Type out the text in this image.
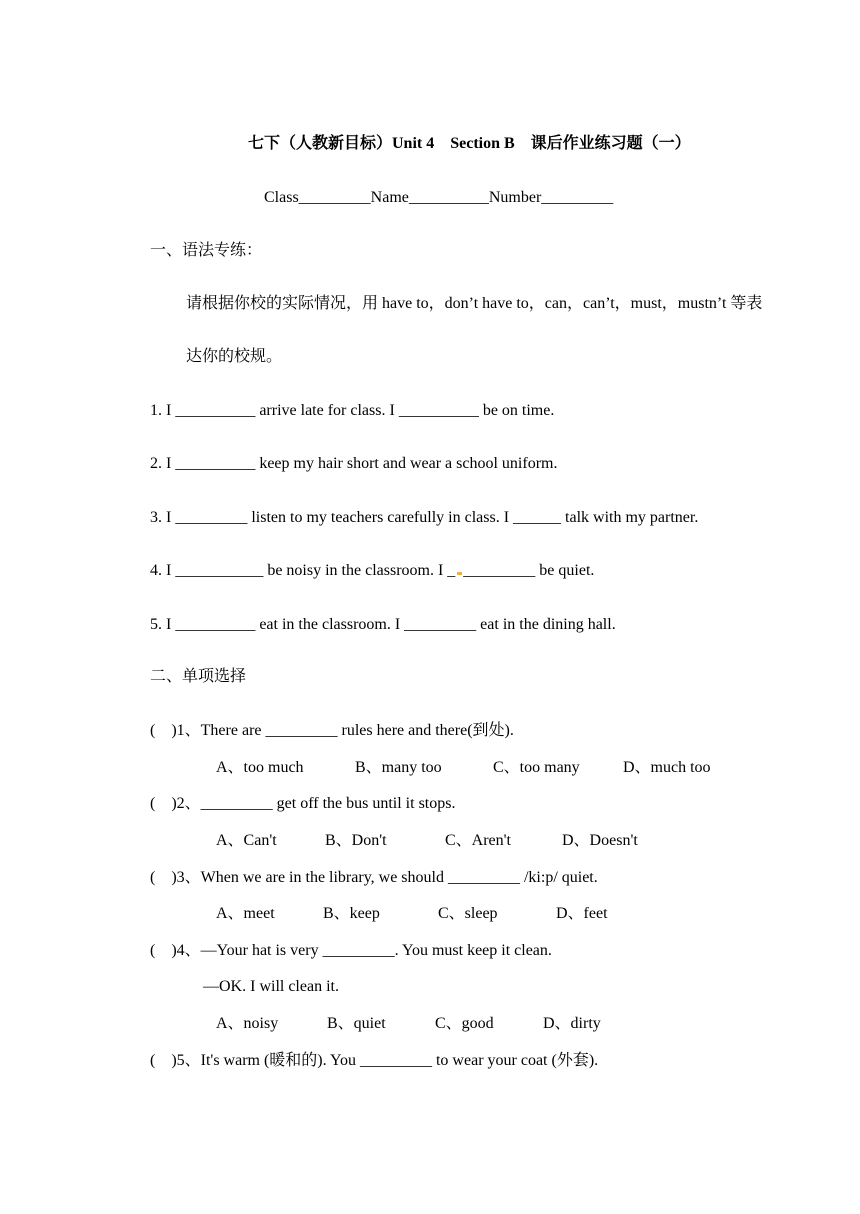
七下（人教新目标）Unit 4　Section B　课后作业练习题（一）
Class_________Name__________Number_________
一、语法专练：
请根据你校的实际情况，用 have to，don’t have to，can，can’t，must，mustn’t 等表
达你的校规。
1. I __________ arrive late for class. I __________ be on time.
2. I __________ keep my hair short and wear a school uniform.
3. I _________ listen to my teachers carefully in class. I ______ talk with my partner.
4. I ___________ be noisy in the classroom. I _ _________ be quiet.
5. I __________ eat in the classroom. I _________ eat in the dining hall.
二、单项选择
(　)1、There are _________ rules here and there(到处).
A、too much	B、many too	C、too many	D、much too
(　)2、_________ get off the bus until it stops.
A、Can't	B、Don't	C、Aren't	D、Doesn't
(　)3、When we are in the library, we should _________ /ki:p/ quiet.
A、meet	B、keep	C、sleep	D、feet
(　)4、—Your hat is very _________. You must keep it clean.
—OK. I will clean it.
A、noisy	B、quiet	C、good	D、dirty
(　)5、It's warm (暖和的). You _________ to wear your coat (外套).
